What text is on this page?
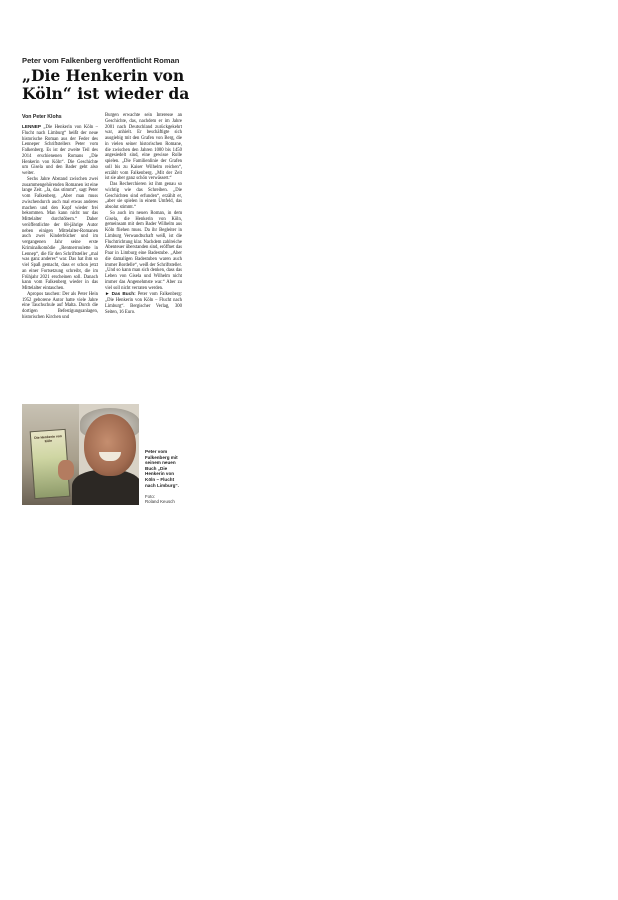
Peter vom Falkenberg veröffentlicht Roman
„Die Henkerin von
Köln“ ist wieder da
Von Peter Klohs

LENNEP „Die Henkerin von Köln – Flucht nach Limburg“ heißt der neue historische Roman aus der Feder des Lenneper Schriftstellers Peter vom Falkenberg. Es ist der zweite Teil des 2014 erschienenen Romans „Die Henkerin von Köln“. Die Geschichte um Gisela und den Bader geht also weiter.

Sechs Jahre Abstand zwischen zwei zusammengehörenden Romanen ist eine lange Zeit. „Ja, das stimmt“, sagt Peter vom Falkenberg. „Aber man muss zwischendurch auch mal etwas anderes machen und den Kopf wieder frei bekommen. Man kann nicht nur das Mittelalter durchtöbern.“ Daher veröffentlichte der 68-jährige Autor neben einigen Mittelalter-Romanen auch zwei Kinderbücher und im vergangenen Jahr seine erste Kriminalkomödie „Rentnerroulette in Lennep“, die für den Schriftsteller „mal was ganz anderes“ war. Das hat ihm so viel Spaß gemacht, dass er schon jetzt an einer Fortsetzung schreibt, die im Frühjahr 2021 erscheinen soll. Danach kann vom Falkenberg wieder in das Mittelalter eintauchen.

Apropos tauchen: Der als Peter Hein 1952 geborene Autor hatte viele Jahre eine Tauchschule auf Malta. Durch die dortigen Befestigungsanlagen, historischen Kirchen und

Burgen erwachte sein Interesse an Geschichte, das, nachdem er im Jahre 2001 nach Deutschland zurückgekehrt war, anhielt. Er beschäftigte sich ausgiebig mit den Grafen von Berg, die in vielen seiner historischen Romane, die zwischen den Jahren 1000 bis 1450 angesiedelt sind, eine gewisse Rolle spielen. „Die Familienlinie der Grafen soll bis zu Kaiser Wilhelm reichen“, erzählt vom Falkenberg. „Mit der Zeit ist sie aber ganz schön verwässert.“

Das Recherchieren ist ihm genau so wichtig wie das Schreiben. „Die Geschichten sind erfunden“, erzählt er, „aber sie spielen in einem Umfeld, das absolut stimmt.“

So auch im neuen Roman, in dem Gisela, die Henkerin von Köln, gemeinsam mit dem Bader Wilhelm aus Köln fliehen muss. Da ihr Begleiter in Limburg Verwandtschaft weiß, ist die Fluchtrichtung klar. Nachdem zahlreiche Abenteuer überstanden sind, eröffnet das Paar in Limburg eine Badestube. „Aber die damaligen Badestuben waren auch immer Bordelle“, weiß der Schriftsteller. „Und so kann man sich denken, dass das Leben von Gisela und Wilhelm nicht immer das Angenehmste war.“ Aber zu viel soll nicht verraten werden.

► Das Buch: Peter vom Falkenberg: „Die Henkerin von Köln – Flucht nach Limburg“. Bergischer Verlag, 300 Seiten, 16 Euro.

Die Henkerin von Köln
Peter vom Falkenberg mit seinem neuen Buch „Die Henkerin von Köln – Flucht nach Limburg“.
Foto:
Roland Keusch
